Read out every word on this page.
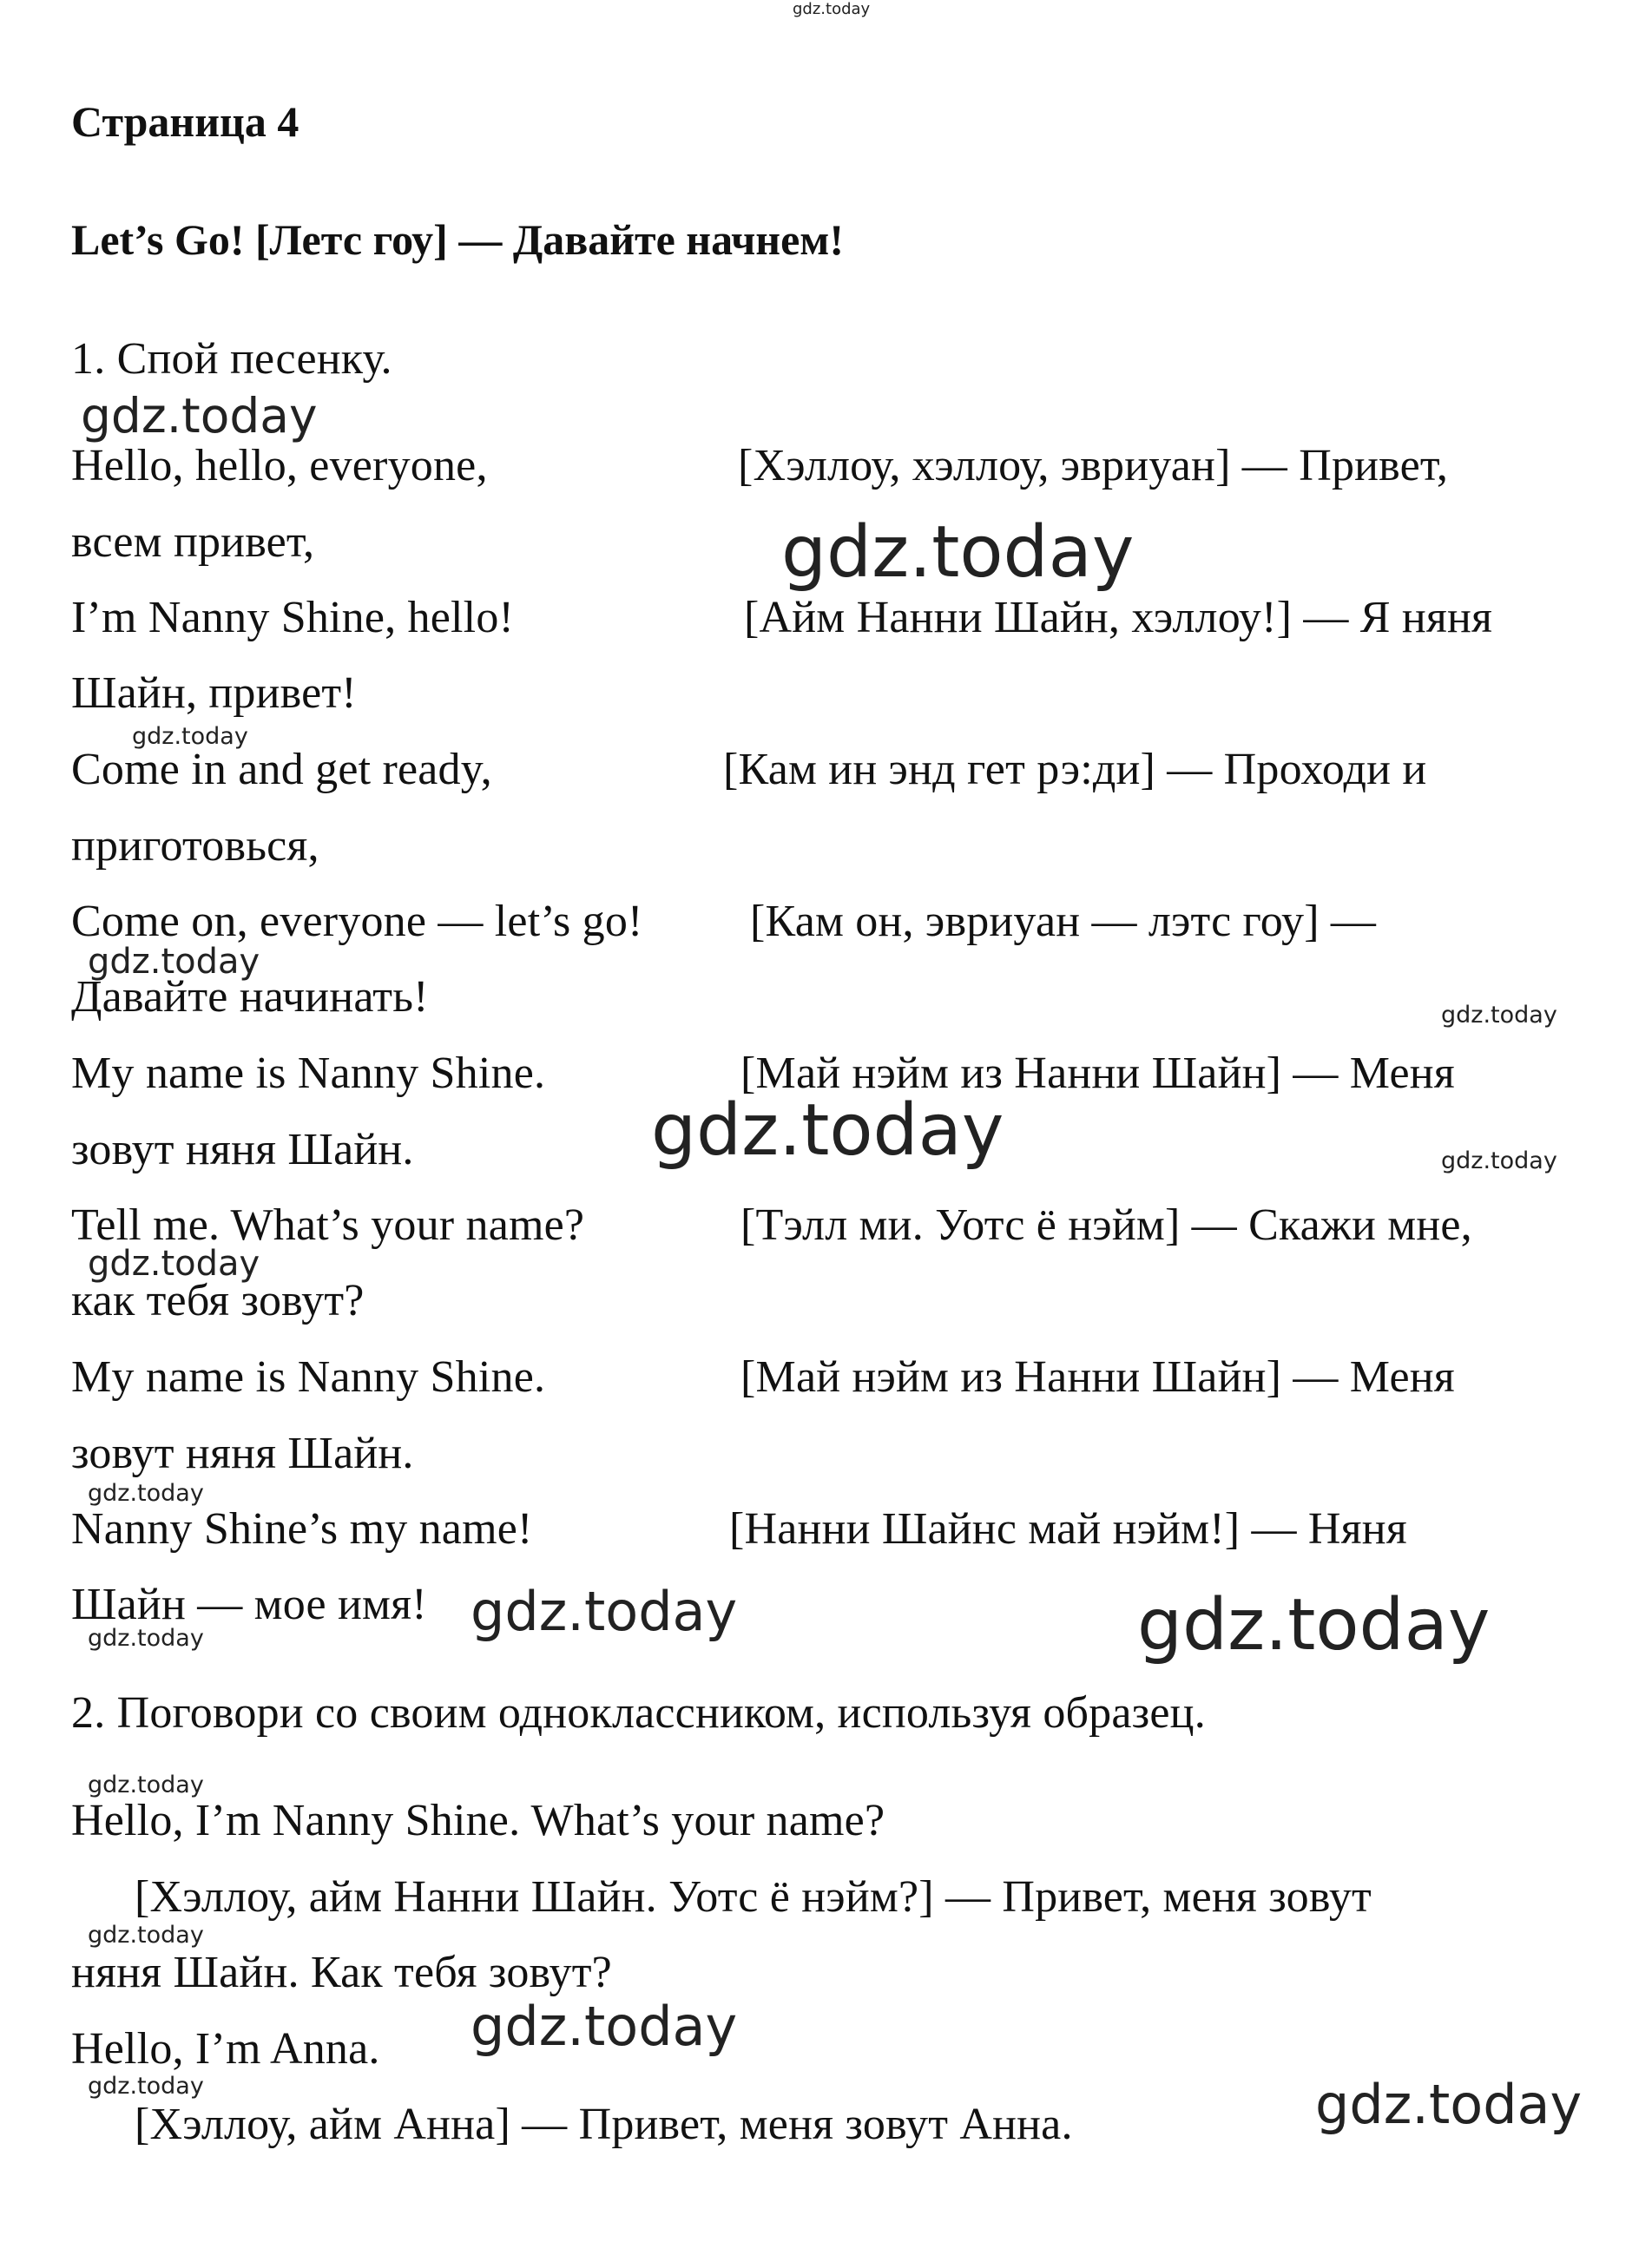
gdz.today
Страница 4
Let’s Go! [Летс гоу] — Давайте начнем!
1. Спой песенку.
gdz.today
Hello, hello, everyone,	[Хэллоу, хэллоу, эвриуан] — Привет,
всем привет,	gdz.today
I’m Nanny Shine, hello!	[Айм Нанни Шайн, хэллоу!] — Я няня
Шайн, привет!
gdz.today
Come in and get ready,	[Кам ин энд гет рэ:ди] — Проходи и
приготовься,
Come on, everyone — let’s go! [Кам он, эвриуан — лэтс гоу] —
gdz.today
Давайте начинать!	gdz.today
My name is Nanny Shine.	[Май нэйм из Нанни Шайн] — Меня
gdz.today
зовут няня Шайн.	gdz.today
Tell me. What’s your name?	[Тэлл ми. Уотс ё нэйм] — Скажи мне,
gdz.today
как тебя зовут?
My name is Nanny Shine.	[Май нэйм из Нанни Шайн] — Меня
зовут няня Шайн.
gdz.today
Nanny Shine’s my name!	[Нанни Шайнс май нэйм!] — Няня
Шайн — мое имя! gdz.today	gdz.today
gdz.today
2. Поговори со своим одноклассником, используя образец.
gdz.today
Hello, I’m Nanny Shine. What’s your name?
[Хэллоу, айм Нанни Шайн. Уотс ё нэйм?] — Привет, меня зовут
gdz.today
няня Шайн. Как тебя зовут?
gdz.today
Hello, I’m Anna.
gdz.today	gdz.today
[Хэллоу, айм Анна] — Привет, меня зовут Анна.
